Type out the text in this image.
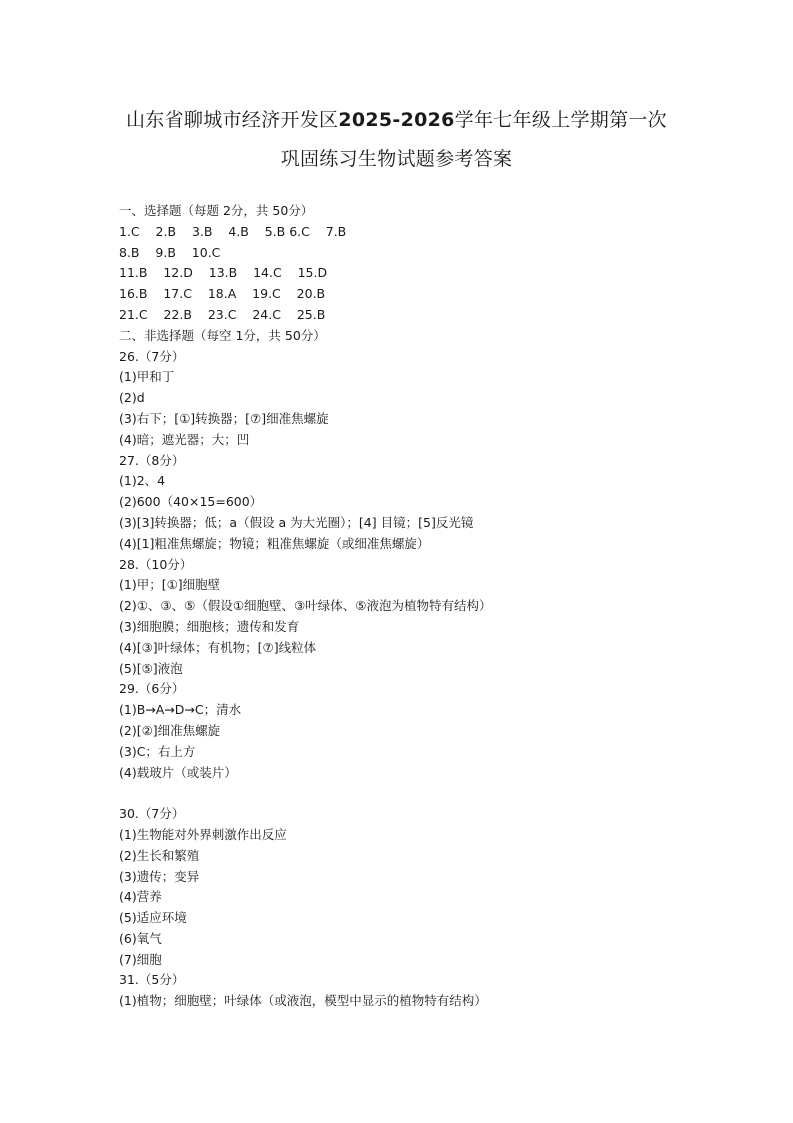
山东省聊城市经济开发区2025-2026学年七年级上学期第一次
巩固练习生物试题参考答案
一、选择题（每题 2分，共 50分）
1.C    2.B    3.B    4.B    5.B 6.C    7.B
8.B    9.B    10.C
11.B    12.D    13.B    14.C    15.D
16.B    17.C    18.A    19.C    20.B
21.C    22.B    23.C    24.C    25.B
二、非选择题（每空 1分，共 50分）
26.（7分）
(1)甲和丁
(2)d
(3)右下；[①]转换器；[⑦]细准焦螺旋
(4)暗；遮光器；大；凹
27.（8分）
(1)2、4
(2)600（40×15=600）
(3)[3]转换器；低；a（假设 a 为大光圈）；[4] 目镜；[5]反光镜
(4)[1]粗准焦螺旋；物镜；粗准焦螺旋（或细准焦螺旋）
28.（10分）
(1)甲；[①]细胞壁
(2)①、③、⑤（假设①细胞壁、③叶绿体、⑤液泡为植物特有结构）
(3)细胞膜；细胞核；遗传和发育
(4)[③]叶绿体；有机物；[⑦]线粒体
(5)[⑤]液泡
29.（6分）
(1)B→A→D→C；清水
(2)[②]细准焦螺旋
(3)C；右上方
(4)载玻片（或装片）
30.（7分）
(1)生物能对外界刺激作出反应
(2)生长和繁殖
(3)遗传；变异
(4)营养
(5)适应环境
(6)氧气
(7)细胞
31.（5分）
(1)植物；细胞壁；叶绿体（或液泡，模型中显示的植物特有结构）
